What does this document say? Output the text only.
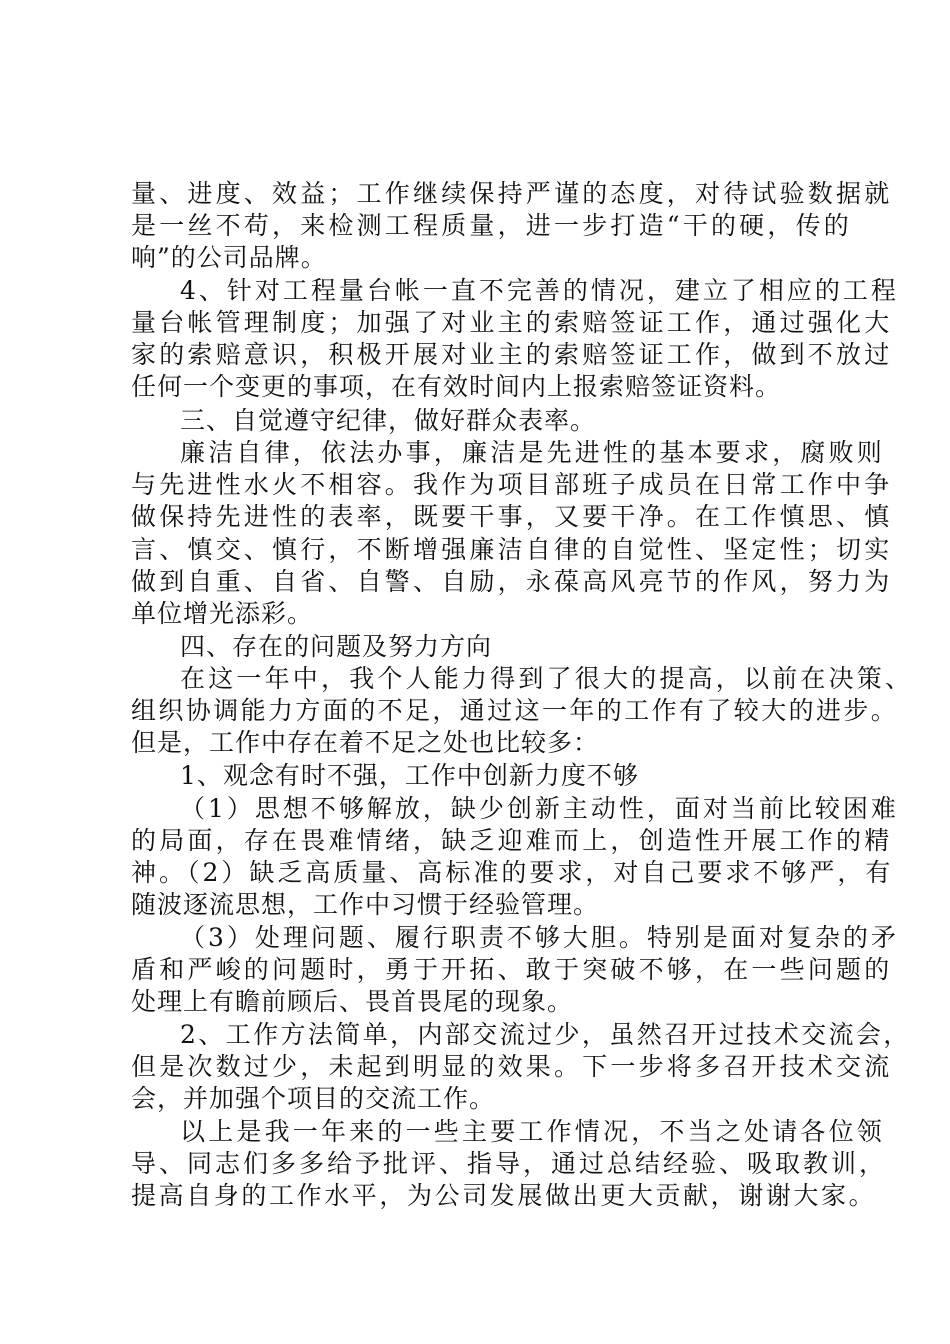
量、进度、效益；工作继续保持严谨的态度，对待试验数据就
是一丝不苟，来检测工程质量，进一步打造“干的硬，传的
响”的公司品牌。
4、针对工程量台帐一直不完善的情况，建立了相应的工程
量台帐管理制度；加强了对业主的索赔签证工作，通过强化大
家的索赔意识，积极开展对业主的索赔签证工作，做到不放过
任何一个变更的事项，在有效时间内上报索赔签证资料。
三、自觉遵守纪律，做好群众表率。
廉洁自律，依法办事，廉洁是先进性的基本要求，腐败则
与先进性水火不相容。我作为项目部班子成员在日常工作中争
做保持先进性的表率，既要干事，又要干净。在工作慎思、慎
言、慎交、慎行，不断增强廉洁自律的自觉性、坚定性；切实
做到自重、自省、自警、自励，永葆高风亮节的作风，努力为
单位增光添彩。
四、存在的问题及努力方向
在这一年中，我个人能力得到了很大的提高，以前在决策、
组织协调能力方面的不足，通过这一年的工作有了较大的进步。
但是，工作中存在着不足之处也比较多：
1、观念有时不强，工作中创新力度不够
（1）思想不够解放，缺少创新主动性，面对当前比较困难
的局面，存在畏难情绪，缺乏迎难而上，创造性开展工作的精
神。（2）缺乏高质量、高标准的要求，对自己要求不够严，有
随波逐流思想，工作中习惯于经验管理。
（3）处理问题、履行职责不够大胆。特别是面对复杂的矛
盾和严峻的问题时，勇于开拓、敢于突破不够，在一些问题的
处理上有瞻前顾后、畏首畏尾的现象。
2、工作方法简单，内部交流过少，虽然召开过技术交流会，
但是次数过少，未起到明显的效果。下一步将多召开技术交流
会，并加强个项目的交流工作。
以上是我一年来的一些主要工作情况，不当之处请各位领
导、同志们多多给予批评、指导，通过总结经验、吸取教训，
提高自身的工作水平，为公司发展做出更大贡献，谢谢大家。
